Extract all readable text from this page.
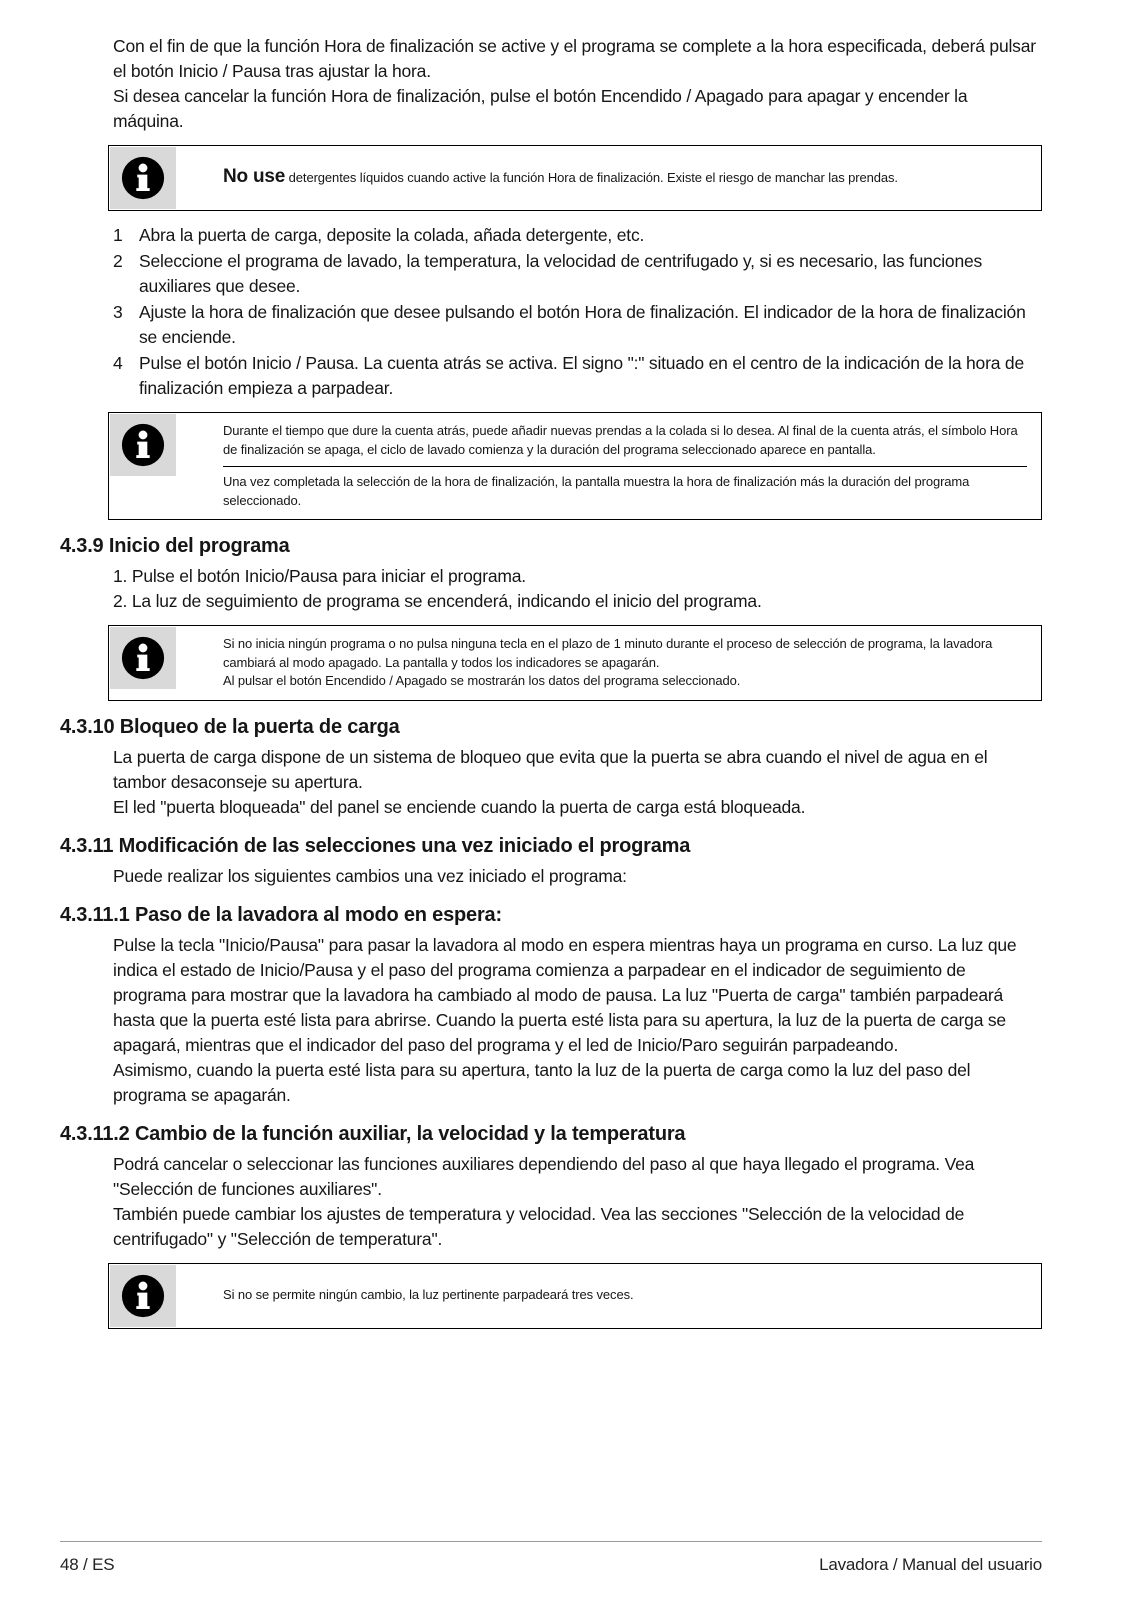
Con el fin de que la función Hora de finalización se active y el programa se complete a la hora especificada, deberá pulsar el botón Inicio / Pausa tras ajustar la hora.

Si desea cancelar la función Hora de finalización, pulse el botón Encendido / Apagado para apagar y encender la máquina.

No use detergentes líquidos cuando active la función Hora de finalización. Existe el riesgo de manchar las prendas.

1 Abra la puerta de carga, deposite la colada, añada detergente, etc.
2 Seleccione el programa de lavado, la temperatura, la velocidad de centrifugado y, si es necesario, las funciones auxiliares que desee.
3 Ajuste la hora de finalización que desee pulsando el botón Hora de finalización. El indicador de la hora de finalización se enciende.
4 Pulse el botón Inicio / Pausa. La cuenta atrás se activa. El signo ":" situado en el centro de la indicación de la hora de finalización empieza a parpadear.

Durante el tiempo que dure la cuenta atrás, puede añadir nuevas prendas a la colada si lo desea. Al final de la cuenta atrás, el símbolo Hora de finalización se apaga, el ciclo de lavado comienza y la duración del programa seleccionado aparece en pantalla.

Una vez completada la selección de la hora de finalización, la pantalla muestra la hora de finalización más la duración del programa seleccionado.

4.3.9 Inicio del programa

1. Pulse el botón Inicio/Pausa para iniciar el programa.

2. La luz de seguimiento de programa se encenderá, indicando el inicio del programa.

Si no inicia ningún programa o no pulsa ninguna tecla en el plazo de 1 minuto durante el proceso de selección de programa, la lavadora cambiará al modo apagado. La pantalla y todos los indicadores se apagarán.

Al pulsar el botón Encendido / Apagado se mostrarán los datos del programa seleccionado.

4.3.10 Bloqueo de la puerta de carga

La puerta de carga dispone de un sistema de bloqueo que evita que la puerta se abra cuando el nivel de agua en el tambor desaconseje su apertura.

El led "puerta bloqueada" del panel se enciende cuando la puerta de carga está bloqueada.

4.3.11 Modificación de las selecciones una vez iniciado el programa

Puede realizar los siguientes cambios una vez iniciado el programa:

4.3.11.1 Paso de la lavadora al modo en espera:

Pulse la tecla "Inicio/Pausa" para pasar la lavadora al modo en espera mientras haya un programa en curso. La luz que indica el estado de Inicio/Pausa y el paso del programa comienza a parpadear en el indicador de seguimiento de programa para mostrar que la lavadora ha cambiado al modo de pausa. La luz "Puerta de carga" también parpadeará hasta que la puerta esté lista para abrirse. Cuando la puerta esté lista para su apertura, la luz de la puerta de carga se apagará, mientras que el indicador del paso del programa y el led de Inicio/Paro seguirán parpadeando.

Asimismo, cuando la puerta esté lista para su apertura, tanto la luz de la puerta de carga como la luz del paso del programa se apagarán.

4.3.11.2 Cambio de la función auxiliar, la velocidad y la temperatura

Podrá cancelar o seleccionar las funciones auxiliares dependiendo del paso al que haya llegado el programa. Vea "Selección de funciones auxiliares".

También puede cambiar los ajustes de temperatura y velocidad. Vea las secciones "Selección de la velocidad de centrifugado" y "Selección de temperatura".

Si no se permite ningún cambio, la luz pertinente parpadeará tres veces.

48 / ES	Lavadora / Manual del usuario
